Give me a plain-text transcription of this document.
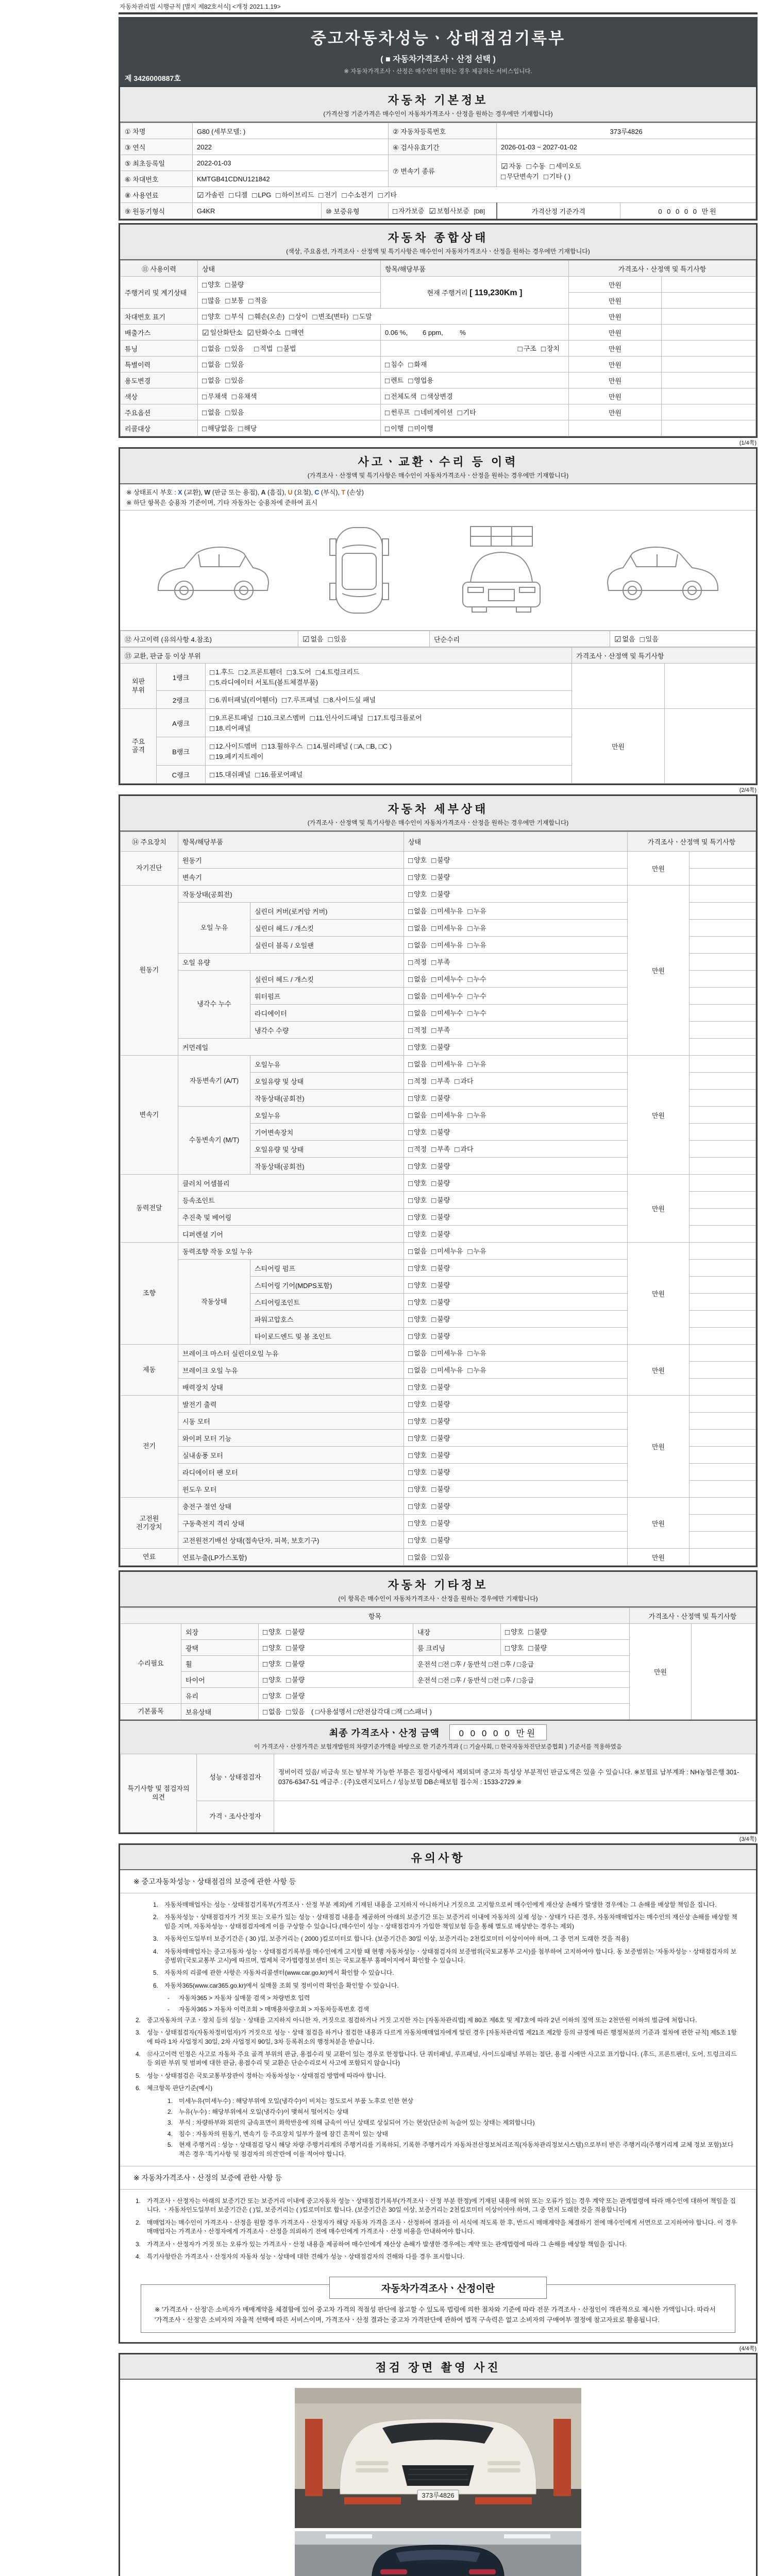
자동차관리법 시행규칙 [별지 제82호서식] <개정 2021.1.19>
중고자동차성능ㆍ상태점검기록부
( ■ 자동차가격조사ㆍ산정 선택 )
※ 자동차가격조사ㆍ산정은 매수인이 원하는 경우 제공하는 서비스입니다.
제 3426000887호
자동차 기본정보
(가격산정 기준가격은 매수인이 자동차가격조사ㆍ산정을 원하는 경우에만 기재합니다)
① 차명	G80 (세부모델: )		② 자동차등록번호	373루4826	
③ 연식	2022		④ 검사유효기간	2026-01-03 ~ 2027-01-02	
⑤ 최초등록일	2022-01-03		⑦ 변속기 종류	☑ 자동 □ 수동 □ 세미오토
□ 무단변속기 □ 기타 ( )	
⑥ 차대번호	KMTGB41CDNU121842				
⑧ 사용연료	☑ 가솔린 □ 디젤 □ LPG □ 하이브리드 □ 전기 □ 수소전기 □ 기타				
⑨ 원동기형식	G4KR	⑩ 보증유형	□ 자가보증 ☑ 보험사보증 [DB]	가격산정 기준가격	0 0 0 0 0 만원
자동차 종합상태
(색상, 주요옵션, 가격조사ㆍ산정액 및 특기사항은 매수인이 자동차가격조사ㆍ산정을 원하는 경우에만 기재합니다)
⑪ 사용이력	상태	항목/해당부품	가격조사ㆍ산정액 및 특기사항	
주행거리 및 계기상태	□ 양호 □ 불량	현재 주행거리 [ 119,230Km ]	만원	
	□ 많음 □ 보통 □ 적음		만원	
차대번호 표기	□ 양호 □ 부식 □ 훼손(오손) □ 상이 □ 변조(변타) □ 도말		만원	
배출가스	☑ 일산화탄소 ☑ 탄화수소 □ 매연	0.06 %,        6 ppm,         %	만원	
튜닝	□ 없음 □ 있음 □ 적법 □ 불법	□ 구조 □ 장치	만원	
특별이력	□ 없음 □ 있음	□ 침수 □ 화재	만원	
용도변경	□ 없음 □ 있음	□ 렌트 □ 영업용	만원	
색상	□ 무채색 □ 유채색	□ 전체도색 □ 색상변경	만원	
주요옵션	□ 없음 □ 있음	□ 썬루프 □ 네비게이션 □ 기타	만원	
리콜대상	□ 해당없음 □ 해당	□ 이행 □ 미이행		
(1/4쪽)
사고ㆍ교환ㆍ수리 등 이력
(가격조사ㆍ산정액 및 특기사항은 매수인이 자동차가격조사ㆍ산정을 원하는 경우에만 기재합니다)
※ 상태표시 부호 : X (교환), W (판금 또는 용접), A (흠집), U (요철), C (부식), T (손상)
※ 하단 항목은 승용차 기준이며, 기타 자동차는 승용차에 준하여 표시
⑫ 사고이력 (유의사항 4.참조)	☑ 없음 □ 있음	단순수리	☑ 없음 □ 있음
⑬ 교환, 판금 등 이상 부위			가격조사ㆍ산정액 및 특기사항	
외판
부위	1랭크	□ 1.후드 □ 2.프론트휀더 □ 3.도어 □ 4.트렁크리드
□ 5.라디에이터 서포트(볼트체결부품)		
	2랭크	□ 6.쿼터패널(리어휀더) □ 7.루프패널 □ 8.사이드실 패널		
주요
골격	A랭크	□ 9.프론트패널 □ 10.크로스멤버 □ 11.인사이드패널 □ 17.트렁크플로어
□ 18.리어패널	만원	
	B랭크	□ 12.사이드멤버 □ 13.휠하우스 □ 14.필러패널 ( □A, □B, □C )
□ 19.페키지트레이		
	C랭크	□ 15.대쉬패널 □ 16.플로어패널		
(2/4쪽)
자동차 세부상태
(가격조사ㆍ산정액 및 특기사항은 매수인이 자동차가격조사ㆍ산정을 원하는 경우에만 기재합니다)
⑭ 주요장치	항목/해당부품		상태	가격조사ㆍ산정액 및 특기사항	
자기진단	원동기		□ 양호 □ 불량	만원	
	변속기		□ 양호 □ 불량		
원동기	작동상태(공회전)		□ 양호 □ 불량	만원	
	오일 누유	실린더 커버(로커암 커버)	□ 없음 □ 미세누유 □ 누유		
		실린더 헤드 / 개스킷	□ 없음 □ 미세누유 □ 누유		
		실린더 블록 / 오일팬	□ 없음 □ 미세누유 □ 누유		
	오일 유량		□ 적정 □ 부족		
	냉각수 누수	실린더 헤드 / 개스킷	□ 없음 □ 미세누수 □ 누수		
		워터펌프	□ 없음 □ 미세누수 □ 누수		
		라디에이터	□ 없음 □ 미세누수 □ 누수		
		냉각수 수량	□ 적정 □ 부족		
	커먼레일		□ 양호 □ 불량		
변속기	자동변속기 (A/T)	오일누유	□ 없음 □ 미세누유 □ 누유	만원	
		오일유량 및 상태	□ 적정 □ 부족 □ 과다		
		작동상태(공회전)	□ 양호 □ 불량		
	수동변속기 (M/T)	오일누유	□ 없음 □ 미세누유 □ 누유		
		기어변속장치	□ 양호 □ 불량		
		오일유량 및 상태	□ 적정 □ 부족 □ 과다		
		작동상태(공회전)	□ 양호 □ 불량		
동력전달	클러치 어셈블리		□ 양호 □ 불량	만원	
	등속조인트		□ 양호 □ 불량		
	추진축 및 베어링		□ 양호 □ 불량		
	디퍼렌셜 기어		□ 양호 □ 불량		
조향	동력조향 작동 오일 누유		□ 없음 □ 미세누유 □ 누유	만원	
	작동상태	스티어링 펌프	□ 양호 □ 불량		
		스티어링 기어(MDPS포함)	□ 양호 □ 불량		
		스티어링조인트	□ 양호 □ 불량		
		파워고압호스	□ 양호 □ 불량		
		타이로드엔드 및 볼 조인트	□ 양호 □ 불량		
제동	브레이크 마스터 실린더오일 누유		□ 없음 □ 미세누유 □ 누유	만원	
	브레이크 오일 누유		□ 없음 □ 미세누유 □ 누유		
	배력장치 상태		□ 양호 □ 불량		
전기	발전기 출력		□ 양호 □ 불량	만원	
	시동 모터		□ 양호 □ 불량		
	와이퍼 모터 기능		□ 양호 □ 불량		
	실내송풍 모터		□ 양호 □ 불량		
	라디에이터 팬 모터		□ 양호 □ 불량		
	윈도우 모터		□ 양호 □ 불량		
고전원
전기장치	충전구 절연 상태		□ 양호 □ 불량	만원	
	구동축전지 격리 상태		□ 양호 □ 불량		
	고전원전기배선 상태(접속단자, 피복, 보호기구)		□ 양호 □ 불량		
연료	연료누출(LP가스포함)		□ 없음 □ 있음	만원	
자동차 기타정보
(이 항목은 매수인이 자동차가격조사ㆍ산정을 원하는 경우에만 기재합니다)
항목					가격조사ㆍ산정액 및 특기사항	
수리필요	외장	□ 양호 □ 불량	내장	□ 양호 □ 불량	만원	
	광택	□ 양호 □ 불량	룸 크리닝	□ 양호 □ 불량		
	휠	□ 양호 □ 불량	운전석 □전 □후 / 동반석 □전 □후 / □응급			
	타이어	□ 양호 □ 불량	운전석 □전 □후 / 동반석 □전 □후 / □응급			
	유리	□ 양호 □ 불량				
기본품목	보유상태	□ 없음 □ 있음 ( □사용설명서 □안전삼각대 □잭 □스패너 )				
최종 가격조사ㆍ산정 금액 0 0 0 0 0 만원
이 가격조사ㆍ산정가격은 보험개발원의 차량기준가액을 바탕으로 한 기준가격과 ( □ 기술사회, □ 한국자동차진단보증협회 ) 기준서를 적용하였음
특기사항 및 점검자의 의견	성능ㆍ상태점검자	정비이력 있음/ 비금속 또는 탈부착 가능한 부품은 점검사항에서 제외되며 중고차 특성상 부분적인 판금도색은 있을 수 있습니다. ※보험료 납부계좌 : NH농협은행 301-0376-6347-51 예금주 : (주)오렌지모터스 / 성능보험 DB손해보험 접수처 : 1533-2729 ※
	가격ㆍ조사산정자	
(3/4쪽)
유의사항
※ 중고자동차성능ㆍ상태점검의 보증에 관한 사항 등
1. 자동차매매업자는 성능ㆍ상태점검기록부(가격조사ㆍ산정 부분 제외)에 기재된 내용을 고지하지 아니하거나 거짓으로 고지함으로써 매수인에게 재산상 손해가 발생한 경우에는 그 손해를 배상할 책임을 집니다.
2. 자동차성능ㆍ상태점검자가 거짓 또는 오류가 있는 성능ㆍ상태점검 내용을 제공하여 아래의 보증기간 또는 보증거리 이내에 자동차의 실제 성능ㆍ상태가 다른 경우, 자동차매매업자는 매수인의 재산상 손해를 배상할 책임을 지며, 자동차성능ㆍ상태점검자에게 이를 구상할 수 있습니다.(매수인이 성능ㆍ상태점검자가 가입한 책임보험 등을 통해 별도로 배상받는 경우는 제외)
3. 자동차인도일부터 보증기간은 ( 30 )일, 보증거리는 ( 2000 )킬로미터로 합니다. (보증기간은 30일 이상, 보증거리는 2천킬로미터 이상이어야 하며, 그 중 먼저 도래한 것을 적용)
4. 자동차매매업자는 중고자동차 성능ㆍ상태점검기록부를 매수인에게 고지할 때 현행 자동차성능ㆍ상태점검자의 보증범위(국토교통부 고시)를 첨부하여 고지하여야 합니다. 동 보증범위는 '자동차성능ㆍ상태점검자의 보증범위'(국토교통부 고시)에 따르며, 법제처 국가법령정보센터 또는 국토교통부 홈페이지에서 확인할 수 있습니다.
5. 자동차의 리콜에 관한 사항은 자동차리콜센터(www.car.go.kr)에서 확인할 수 있습니다.
6. 자동차365(www.car365.go.kr)에서 실매물 조회 및 정비이력 확인을 확인할 수 있습니다.
-	자동차365 > 자동차 실매물 검색 > 차량번호 입력
-	자동차365 > 자동차 이력조회 > 매매용차량조회 > 자동차등록번호 검색
2. 중고자동차의 구조ㆍ장치 등의 성능ㆍ상태를 고지하지 아니한 자, 거짓으로 점검하거나 거짓 고지한 자는 [자동차관리법] 제 80조 제6호 및 제7호에 따라 2년 이하의 징역 또는 2천만원 이하의 벌금에 처합니다.
3. 성능ㆍ상태점검자(자동차정비업자)가 거짓으로 성능ㆍ상태 점검을 하거나 점검한 내용과 다르게 자동차매매업자에게 알린 경우 [자동차관리법 제21조 제2항 등의 규정에 따른 행정처분의 기준과 절차에 관한 규칙] 제5조 1항에 따라 1차 사업정지 30일, 2차 사업정지 90일, 3차 등록취소의 행정처분을 받습니다.
4. ⑫사고이력 인정은 사고로 자동차 주요 골격 부위의 판금, 용접수리 및 교환이 있는 경우로 한정합니다. 단 쿼터패널, 루프패널, 사이드실패널 부위는 절단, 용접 시에만 사고로 표기합니다. (후드, 프론트펜더, 도어, 트렁크리드 등 외판 부위 및 범퍼에 대한 판금, 용접수리 및 교환은 단순수리로서 사고에 포함되지 않습니다)
5. 성능ㆍ상태점검은 국토교통부장관이 정하는 자동차성능ㆍ상태점검 방법에 따라야 합니다.
6. 체크항목 판단기준(예시)
1. 미세누유(미세누수) : 해당부위에 오일(냉각수)이 비치는 정도로서 부품 노후로 인한 현상
2. 누유(누수) : 해당부위에서 오일(냉각수)이 맺혀서 떨어지는 상태
3. 부식 : 차량하부와 외판의 금속표면이 화학반응에 의해 금속이 아닌 상태로 상실되어 가는 현상(단순히 녹슬어 있는 상태는 제외합니다)
4. 침수 : 자동차의 원동기, 변속기 등 주요장치 일부가 물에 잠긴 흔적이 있는 상태
5. 현재 주행거리 : 성능ㆍ상태점검 당시 해당 차량 주행거리계의 주행거리를 기록하되, 기록한 주행거리가 자동차전산정보처리조직(자동차관리정보시스템)으로부터 받은 주행거리(주행거리계 교체 정보 포함)보다 적은 경우 '특기사항 및 점검자의 의견'란에 이를 적어야 합니다.
※ 자동차가격조사ㆍ산정의 보증에 관한 사항 등
1. 가격조사ㆍ산정자는 아래의 보증기간 또는 보증거리 이내에 중고자동차 성능ㆍ상태점검기록부(가격조사ㆍ산정 부분 한정)에 기재된 내용에 허위 또는 오류가 있는 경우 계약 또는 관계법령에 따라 매수인에 대하여 책임을 집니다. ㆍ자동차인도일부터 보증기간은 ( )일, 보증거리는 ( )킬로미터로 합니다. (보증기간은 30일 이상, 보증거리는 2천킬로미터 이상이어야 하며, 그 중 먼저 도래한 것을 적용합니다)
2. 매매업자는 매수인이 가격조사ㆍ산정을 원할 경우 가격조사ㆍ산정자가 해당 자동차 가격을 조사ㆍ산정하여 결과를 이 서식에 적도록 한 후, 반드시 매매계약을 체결하기 전에 매수인에게 서면으로 고지하여야 합니다. 이 경우 매매업자는 가격조사ㆍ산정자에게 가격조사ㆍ산정을 의뢰하기 전에 매수인에게 가격조사ㆍ산정 비용을 안내하여야 합니다.
3. 가격조사ㆍ산정자가 거짓 또는 오류가 있는 가격조사ㆍ산정 내용을 제공하여 매수인에게 재산상 손해가 발생한 경우에는 계약 또는 관계법령에 따라 그 손해를 배상할 책임을 집니다.
4. 특기사항란은 가격조사ㆍ산정자의 자동차 성능ㆍ상태에 대한 견해가 성능ㆍ상태점검자의 견해와 다를 경우 표시합니다.
자동차가격조사ㆍ산정이란
※ '가격조사ㆍ산정'은 소비자가 매매계약을 체결함에 있어 중고차 가격의 적절성 판단에 참고할 수 있도록 법령에 의한 절차와 기준에 따라 전문 가격조사ㆍ산정인이 객관적으로 제시한 가액입니다. 따라서 '가격조사ㆍ산정'은 소비자의 자율적 선택에 따른 서비스이며, 가격조사ㆍ산정 결과는 중고차 가격판단에 관하여 법적 구속력은 없고 소비자의 구매여부 결정에 참고자료로 활용됩니다.
(4/4쪽)
점검 장면 촬영 사진
373루4826
